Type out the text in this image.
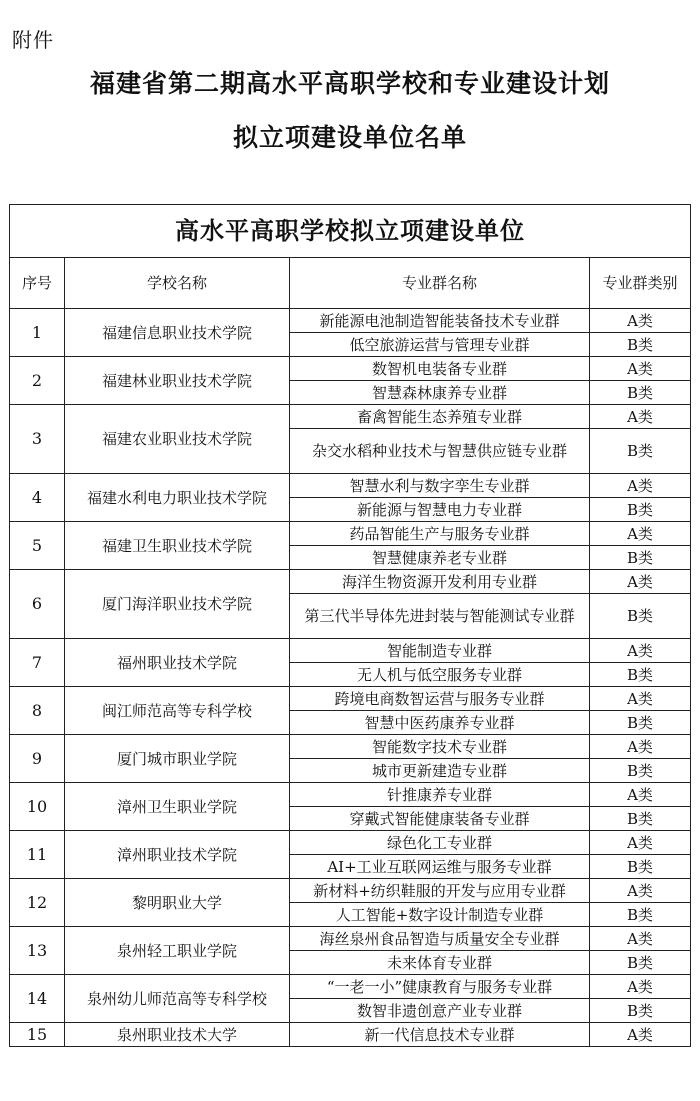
附件
福建省第二期高水平高职学校和专业建设计划
拟立项建设单位名单
高水平高职学校拟立项建设单位			
序号	学校名称	专业群名称	专业群类别
1	福建信息职业技术学院	新能源电池制造智能装备技术专业群	A类
		低空旅游运营与管理专业群	B类
2	福建林业职业技术学院	数智机电装备专业群	A类
		智慧森林康养专业群	B类
3	福建农业职业技术学院	畜禽智能生态养殖专业群	A类
		杂交水稻种业技术与智慧供应链专业群	B类
4	福建水利电力职业技术学院	智慧水利与数字孪生专业群	A类
		新能源与智慧电力专业群	B类
5	福建卫生职业技术学院	药品智能生产与服务专业群	A类
		智慧健康养老专业群	B类
6	厦门海洋职业技术学院	海洋生物资源开发利用专业群	A类
		第三代半导体先进封装与智能测试专业群	B类
7	福州职业技术学院	智能制造专业群	A类
		无人机与低空服务专业群	B类
8	闽江师范高等专科学校	跨境电商数智运营与服务专业群	A类
		智慧中医药康养专业群	B类
9	厦门城市职业学院	智能数字技术专业群	A类
		城市更新建造专业群	B类
10	漳州卫生职业学院	针推康养专业群	A类
		穿戴式智能健康装备专业群	B类
11	漳州职业技术学院	绿色化工专业群	A类
		AI+工业互联网运维与服务专业群	B类
12	黎明职业大学	新材料+纺织鞋服的开发与应用专业群	A类
		人工智能+数字设计制造专业群	B类
13	泉州轻工职业学院	海丝泉州食品智造与质量安全专业群	A类
		未来体育专业群	B类
14	泉州幼儿师范高等专科学校	“一老一小”健康教育与服务专业群	A类
		数智非遗创意产业专业群	B类
15	泉州职业技术大学	新一代信息技术专业群	A类
